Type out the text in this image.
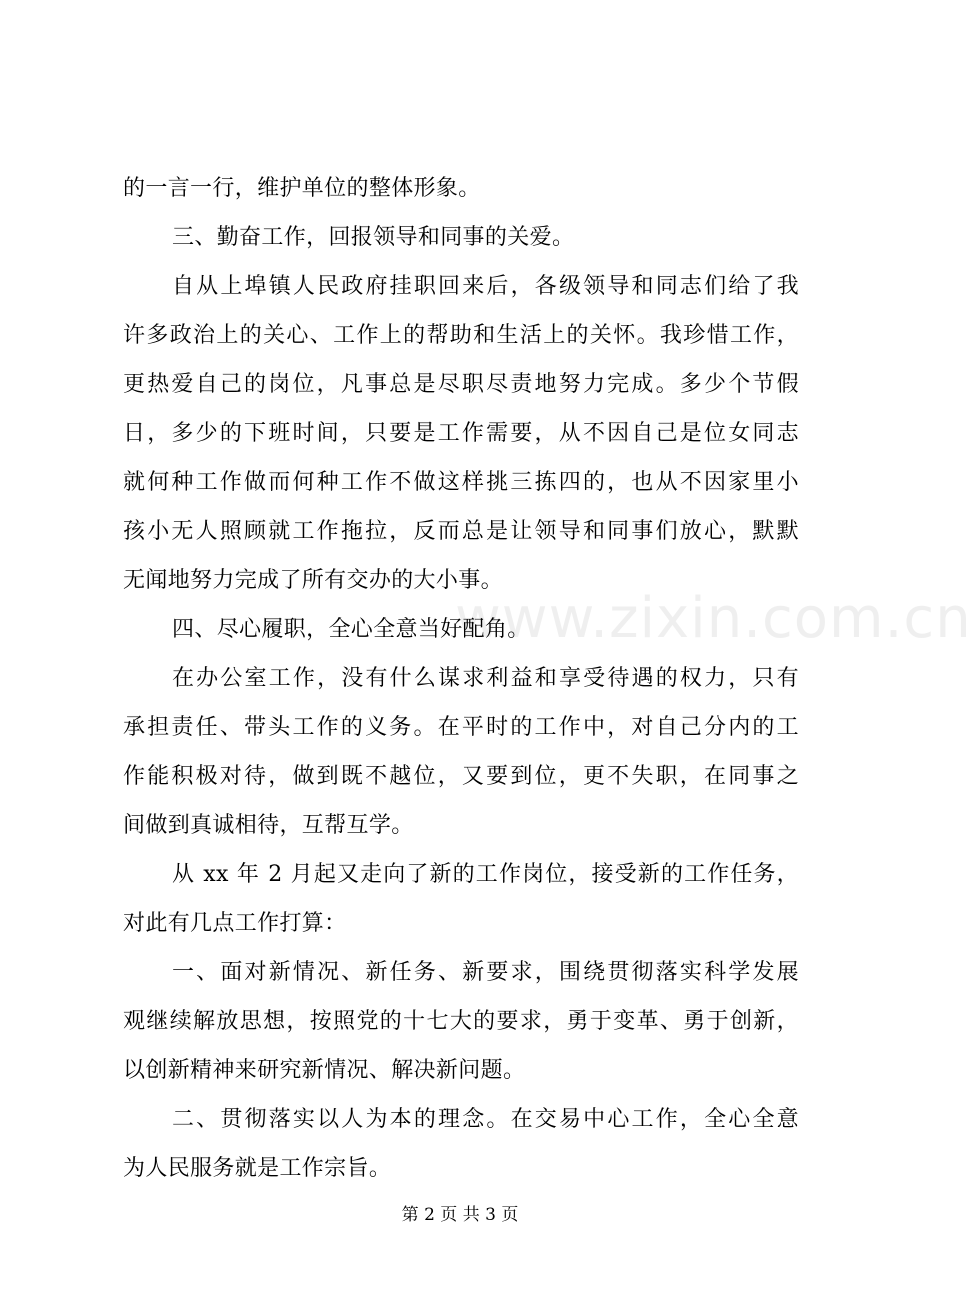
www.zixin.com.cn
的一言一行，维护单位的整体形象。
三、勤奋工作，回报领导和同事的关爱。
自从上埠镇人民政府挂职回来后，各级领导和同志们给了我
许多政治上的关心、工作上的帮助和生活上的关怀。我珍惜工作，
更热爱自己的岗位，凡事总是尽职尽责地努力完成。多少个节假
日，多少的下班时间，只要是工作需要，从不因自己是位女同志
就何种工作做而何种工作不做这样挑三拣四的，也从不因家里小
孩小无人照顾就工作拖拉，反而总是让领导和同事们放心，默默
无闻地努力完成了所有交办的大小事。
四、尽心履职，全心全意当好配角。
在办公室工作，没有什么谋求利益和享受待遇的权力，只有
承担责任、带头工作的义务。在平时的工作中，对自己分内的工
作能积极对待，做到既不越位，又要到位，更不失职，在同事之
间做到真诚相待，互帮互学。
从 xx 年 2 月起又走向了新的工作岗位，接受新的工作任务，
对此有几点工作打算：
一、面对新情况、新任务、新要求，围绕贯彻落实科学发展
观继续解放思想，按照党的十七大的要求，勇于变革、勇于创新，
以创新精神来研究新情况、解决新问题。
二、贯彻落实以人为本的理念。在交易中心工作，全心全意
为人民服务就是工作宗旨。
第 2 页 共 3 页
